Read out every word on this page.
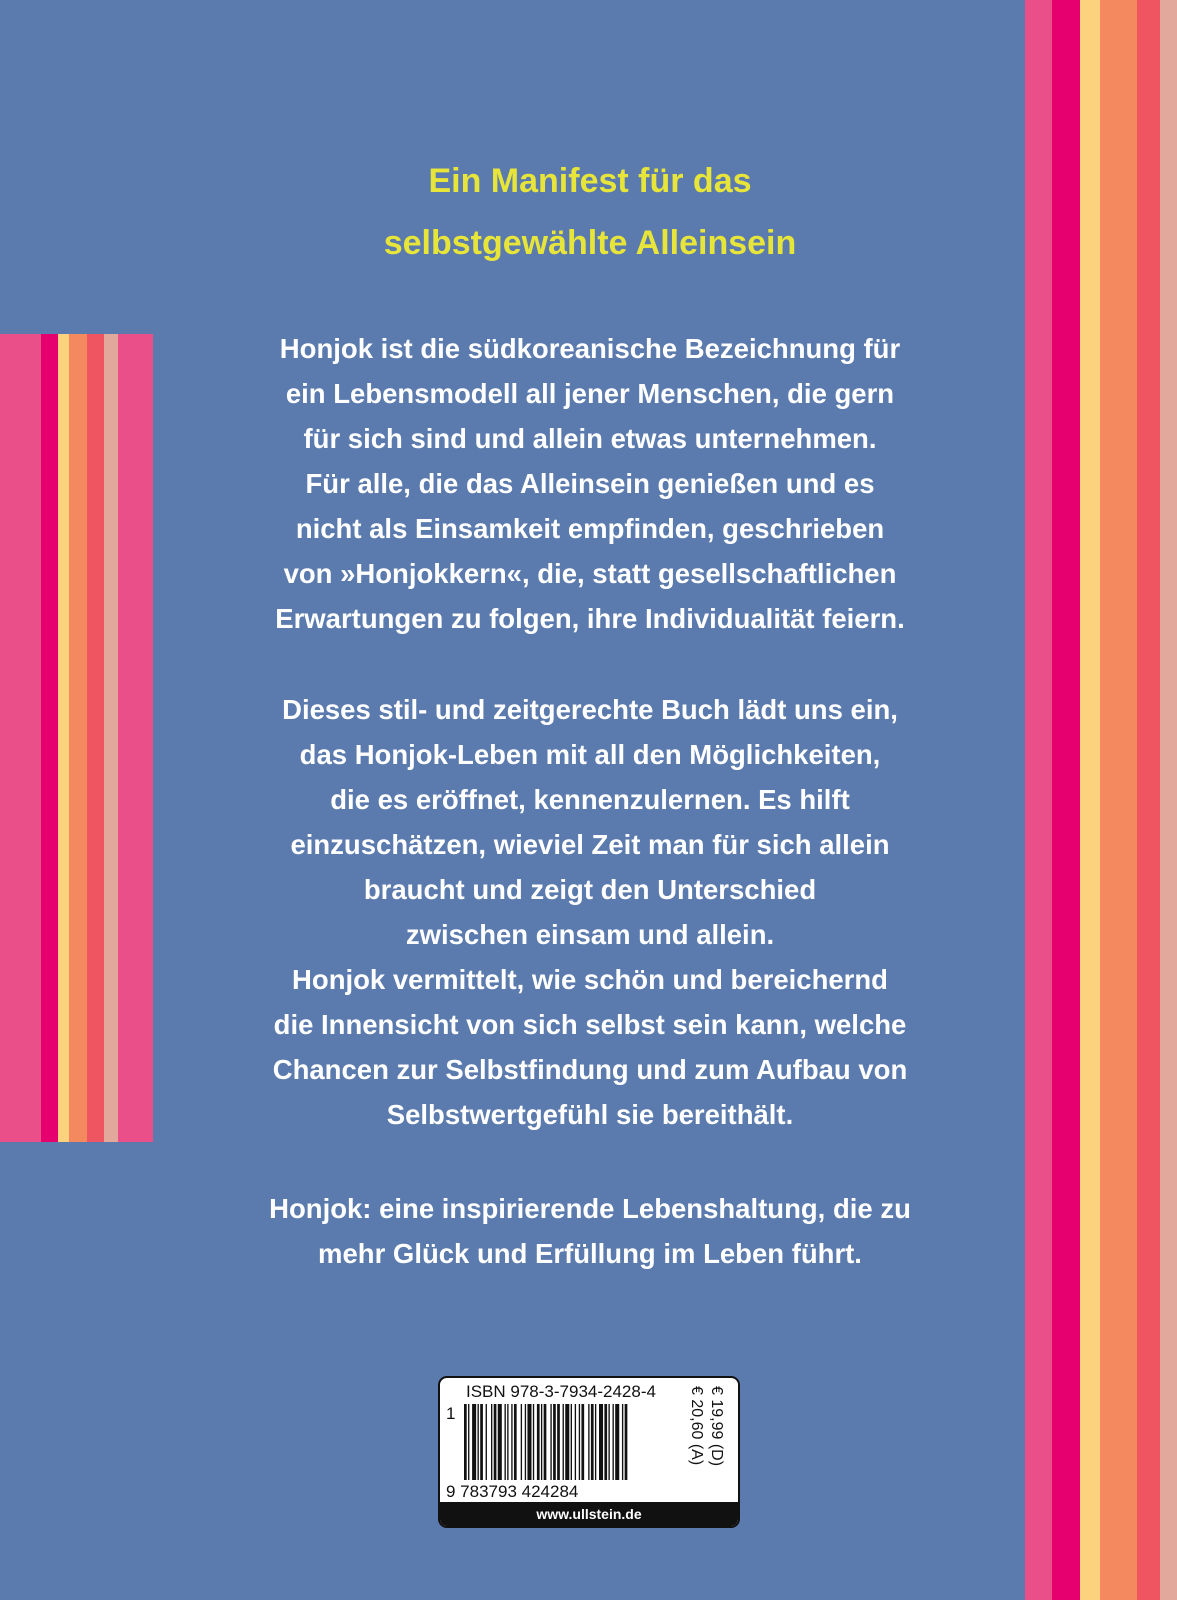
Ein Manifest für das
selbstgewählte Alleinsein
Honjok ist die südkoreanische Bezeichnung für
ein Lebensmodell all jener Menschen, die gern
für sich sind und allein etwas unternehmen.
Für alle, die das Alleinsein genießen und es
nicht als Einsamkeit empfinden, geschrieben
von »Honjokkern«, die, statt gesellschaftlichen
Erwartungen zu folgen, ihre Individualität feiern.
Dieses stil- und zeitgerechte Buch lädt uns ein,
das Honjok-Leben mit all den Möglichkeiten,
die es eröffnet, kennenzulernen. Es hilft
einzuschätzen, wieviel Zeit man für sich allein
braucht und zeigt den Unterschied
zwischen einsam und allein.
Honjok vermittelt, wie schön und bereichernd
die Innensicht von sich selbst sein kann, welche
Chancen zur Selbstfindung und zum Aufbau von
Selbstwertgefühl sie bereithält.
Honjok: eine inspirierende Lebenshaltung, die zu
mehr Glück und Erfüllung im Leben führt.
ISBN 978-3-7934-2428-4
1
9 783793 424284
€ 19,99 (D)
€ 20,60 (A)
www.ullstein.de
